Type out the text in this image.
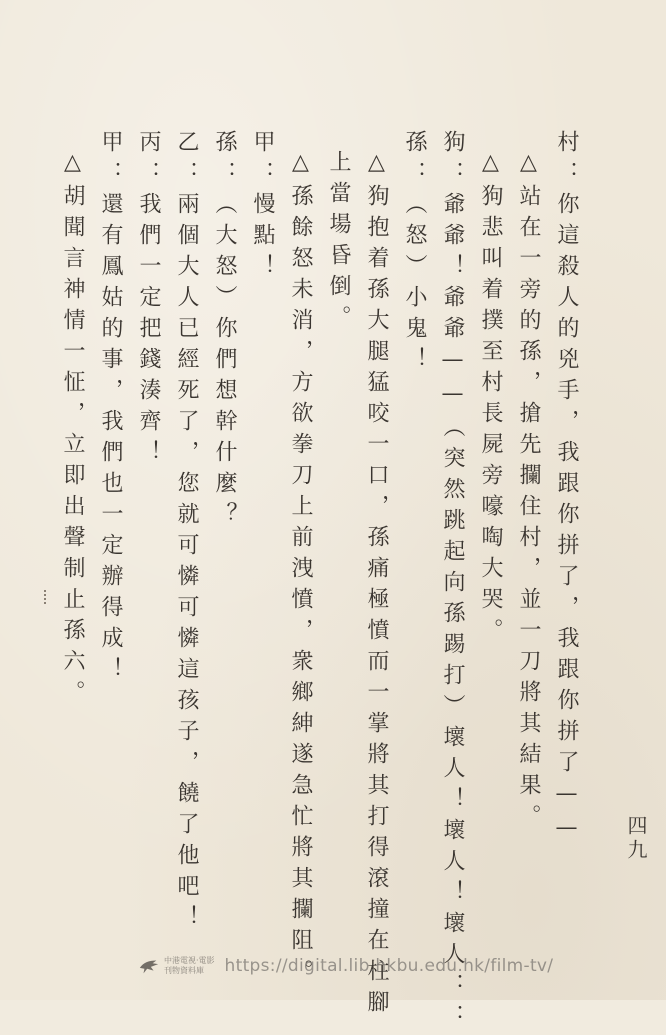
村：你這殺人的兇手，我跟你拼了，我跟你拼了——
△站在一旁的孫，搶先攔住村，並一刀將其結果。
△狗悲叫着撲至村長屍旁嚎啕大哭。
狗：爺爺！爺爺——（突然跳起向孫踢打）壞人！壞人！壞人：：
孫：（怒）小鬼！
△狗抱着孫大腿猛咬一口，孫痛極憤而一掌將其打得滾撞在柱腳
上當場昏倒。
△孫餘怒未消，方欲拳刀上前洩憤，衆鄉紳遂急忙將其攔阻。
甲：慢點！
孫：（大怒）你們想幹什麼？
乙：兩個大人已經死了，您就可憐可憐這孩子，饒了他吧！
丙：我們一定把錢湊齊！
甲：還有鳳姑的事，我們也一定辦得成！
△胡聞言神情一怔，立即出聲制止孫六。
四九
中港電視·電影
刊物資料庫	https://digital.lib.hkbu.edu.hk/film-tv/
